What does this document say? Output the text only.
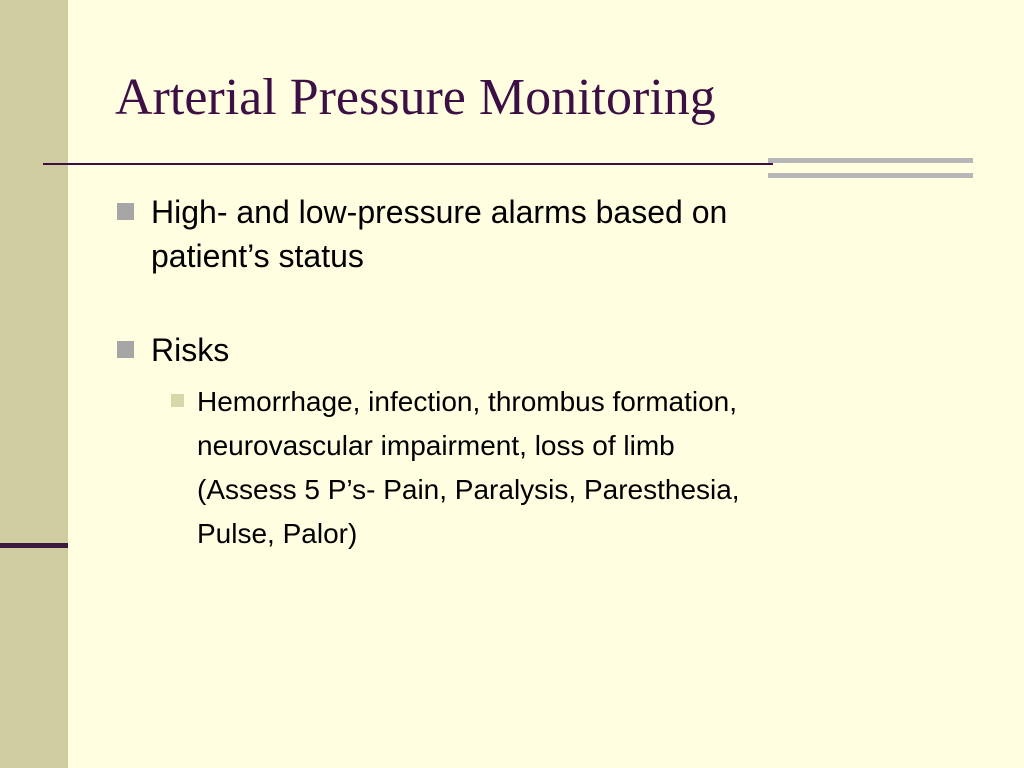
Arterial Pressure Monitoring
High- and low-pressure alarms based on
patient’s status
Risks
Hemorrhage, infection, thrombus formation,
neurovascular impairment, loss of limb
(Assess 5 P’s- Pain, Paralysis, Paresthesia,
Pulse, Palor)
